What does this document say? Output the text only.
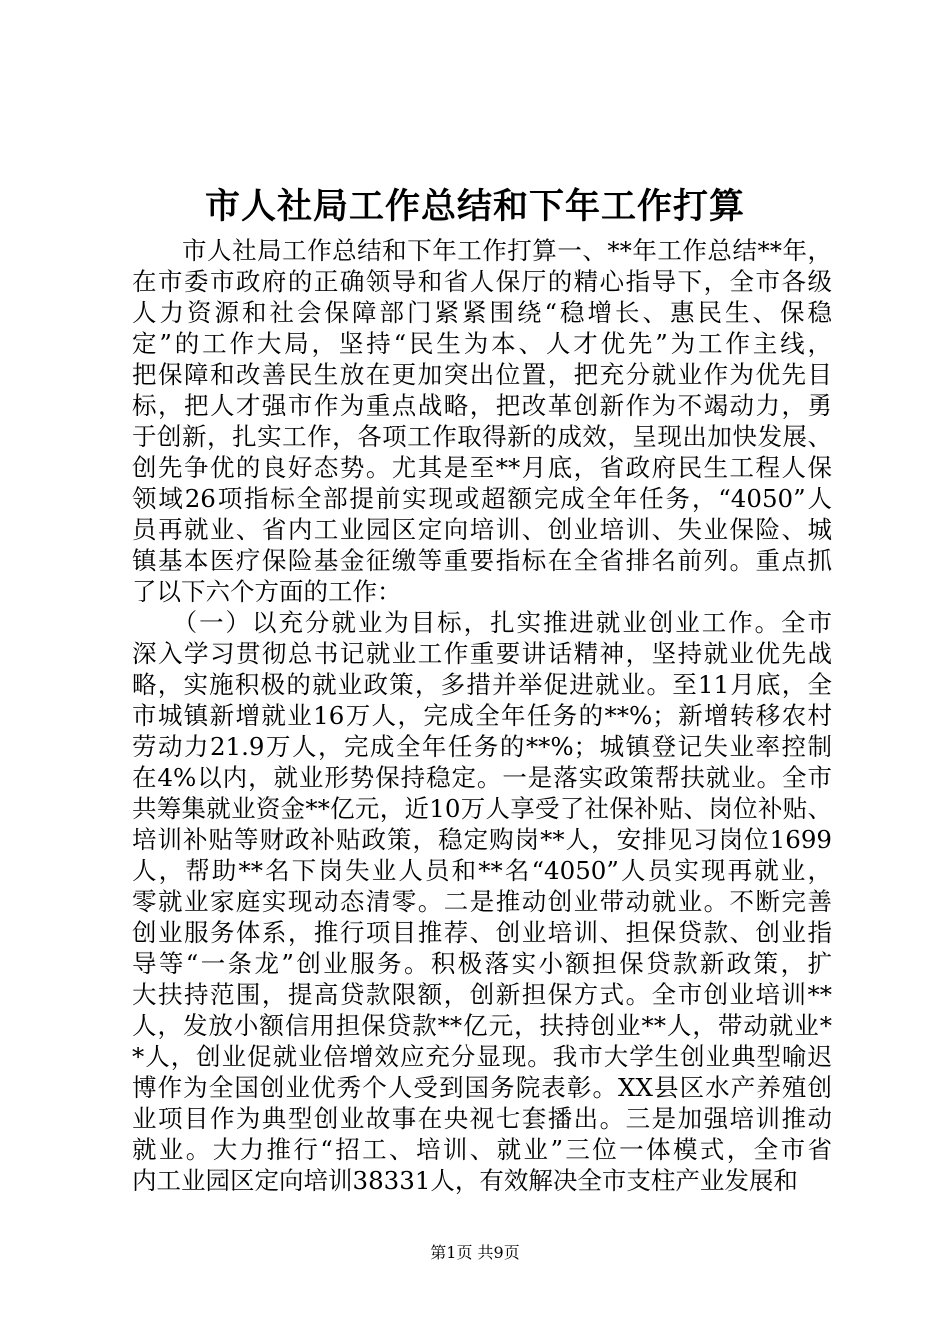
市人社局工作总结和下年工作打算
　　市人社局工作总结和下年工作打算一、**年工作总结**年，
在市委市政府的正确领导和省人保厅的精心指导下，全市各级
人力资源和社会保障部门紧紧围绕“稳增长、惠民生、保稳
定”的工作大局，坚持“民生为本、人才优先”为工作主线，
把保障和改善民生放在更加突出位置，把充分就业作为优先目
标，把人才强市作为重点战略，把改革创新作为不竭动力，勇
于创新，扎实工作，各项工作取得新的成效，呈现出加快发展、
创先争优的良好态势。尤其是至**月底，省政府民生工程人保
领域26项指标全部提前实现或超额完成全年任务，“4050”人
员再就业、省内工业园区定向培训、创业培训、失业保险、城
镇基本医疗保险基金征缴等重要指标在全省排名前列。重点抓
了以下六个方面的工作：
　　（一）以充分就业为目标，扎实推进就业创业工作。全市
深入学习贯彻总书记就业工作重要讲话精神，坚持就业优先战
略，实施积极的就业政策，多措并举促进就业。至11月底，全
市城镇新增就业16万人，完成全年任务的**%；新增转移农村
劳动力21.9万人，完成全年任务的**%；城镇登记失业率控制
在4%以内，就业形势保持稳定。一是落实政策帮扶就业。全市
共筹集就业资金**亿元，近10万人享受了社保补贴、岗位补贴、
培训补贴等财政补贴政策，稳定购岗**人，安排见习岗位1699
人，帮助**名下岗失业人员和**名“4050”人员实现再就业，
零就业家庭实现动态清零。二是推动创业带动就业。不断完善
创业服务体系，推行项目推荐、创业培训、担保贷款、创业指
导等“一条龙”创业服务。积极落实小额担保贷款新政策，扩
大扶持范围，提高贷款限额，创新担保方式。全市创业培训**
人，发放小额信用担保贷款**亿元，扶持创业**人，带动就业*
*人，创业促就业倍增效应充分显现。我市大学生创业典型喻迟
博作为全国创业优秀个人受到国务院表彰。XX县区水产养殖创
业项目作为典型创业故事在央视七套播出。三是加强培训推动
就业。大力推行“招工、培训、就业”三位一体模式，全市省
内工业园区定向培训38331人，有效解决全市支柱产业发展和
第1页 共9页
